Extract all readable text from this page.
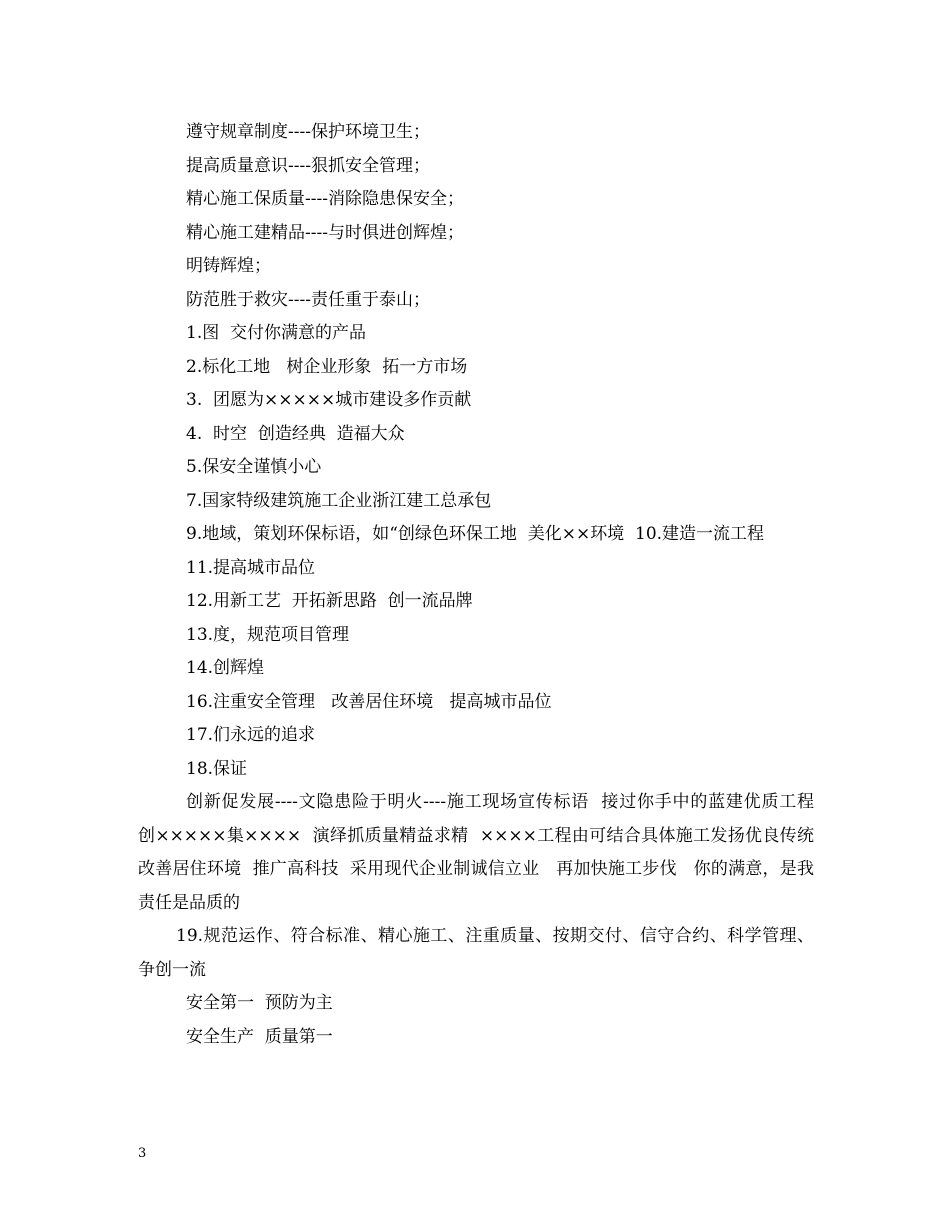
遵守规章制度----保护环境卫生；

提高质量意识----狠抓安全管理；

精心施工保质量----消除隐患保安全；

精心施工建精品----与时俱进创辉煌；

明铸辉煌；

防范胜于救灾----责任重于泰山；

1.图  交付你满意的产品

2.标化工地   树企业形象  拓一方市场

3.  团愿为×××××城市建设多作贡献

4.  时空  创造经典  造福大众

5.保安全谨慎小心

7.国家特级建筑施工企业浙江建工总承包

9.地域，策划环保标语，如“创绿色环保工地  美化××环境  10.建造一流工程

11.提高城市品位

12.用新工艺  开拓新思路  创一流品牌

13.度，规范项目管理

14.创辉煌

16.注重安全管理   改善居住环境   提高城市品位

17.们永远的追求

18.保证

创新促发展----文隐患险于明火----施工现场宣传标语  接过你手中的蓝建优质工程  创×××××集××××  演绎抓质量精益求精  ××××工程由可结合具体施工发扬优良传统  改善居住环境  推广高科技  采用现代企业制诚信立业   再加快施工步伐   你的满意，是我责任是品质的

19.规范运作、符合标准、精心施工、注重质量、按期交付、信守合约、科学管理、争创一流

安全第一  预防为主

安全生产  质量第一

3
